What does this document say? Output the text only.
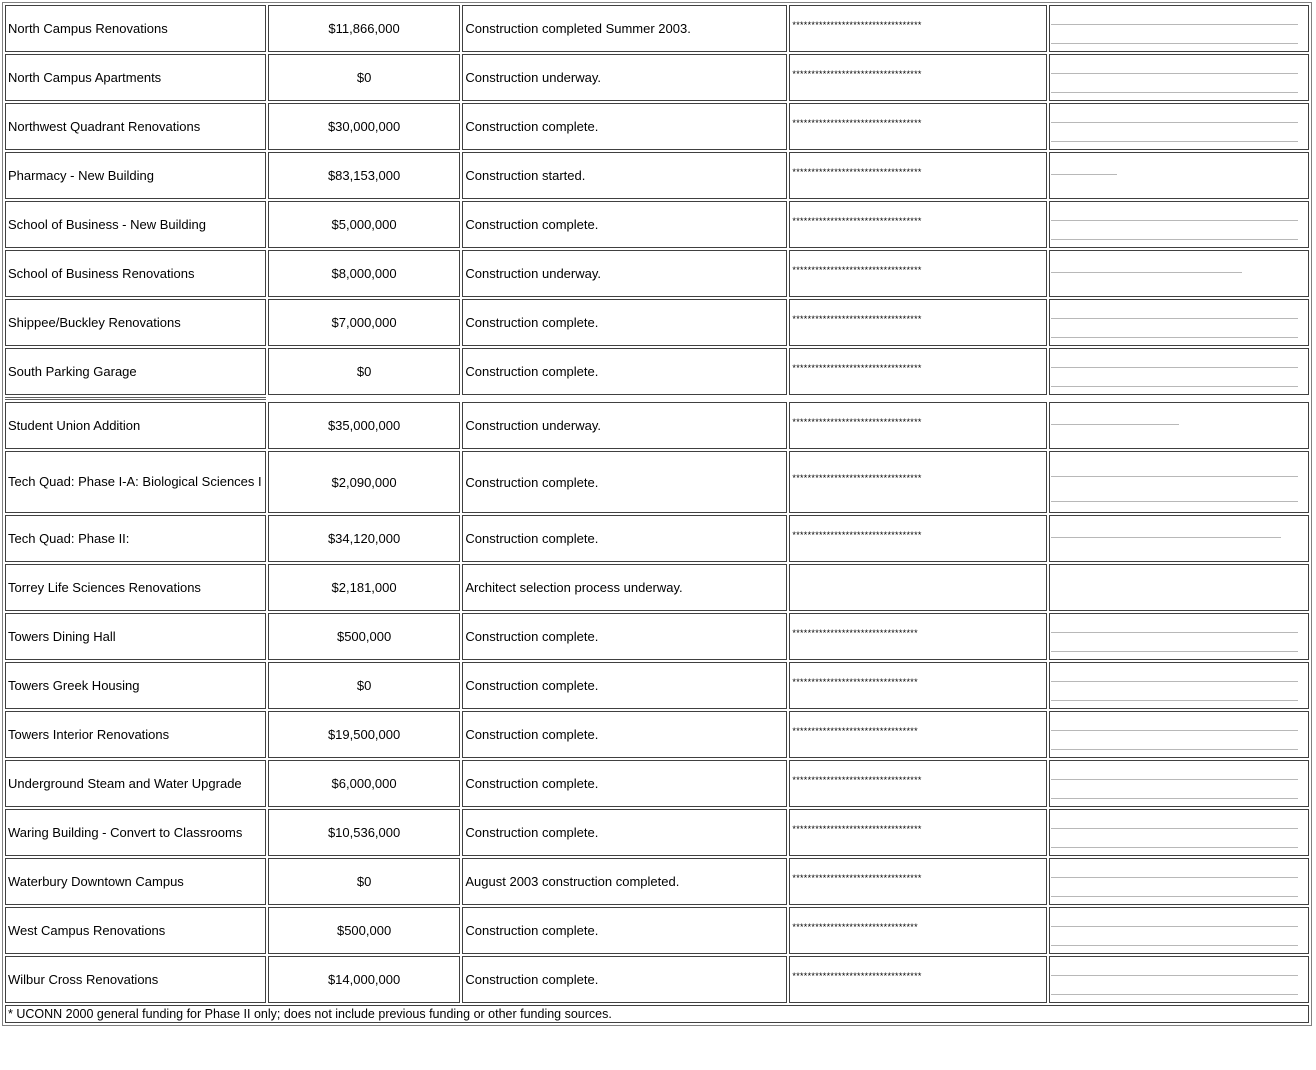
North Campus Renovations	$11,866,000	Construction completed Summer 2003.	**********************************	

North Campus Apartments	$0	Construction underway.	**********************************	

Northwest Quadrant Renovations	$30,000,000	Construction complete.	**********************************	

Pharmacy - New Building	$83,153,000	Construction started.	**********************************	

School of Business - New Building	$5,000,000	Construction complete.	**********************************	

School of Business Renovations	$8,000,000	Construction underway.	**********************************	

Shippee/Buckley Renovations	$7,000,000	Construction complete.	**********************************	

South Parking Garage	$0	Construction complete.	**********************************	

Student Union Addition	$35,000,000	Construction underway.	**********************************	

Tech Quad: Phase I-A: Biological Sciences I	$2,090,000	Construction complete.	**********************************	

Tech Quad: Phase II:	$34,120,000	Construction complete.	**********************************	

Torrey Life Sciences Renovations	$2,181,000	Architect selection process underway.		
Towers Dining Hall	$500,000	Construction complete.	*********************************	

Towers Greek Housing	$0	Construction complete.	*********************************	

Towers Interior Renovations	$19,500,000	Construction complete.	*********************************	

Underground Steam and Water Upgrade	$6,000,000	Construction complete.	**********************************	

Waring Building - Convert to Classrooms	$10,536,000	Construction complete.	**********************************	

Waterbury Downtown Campus	$0	August 2003 construction completed.	**********************************	

West Campus Renovations	$500,000	Construction complete.	*********************************	

Wilbur Cross Renovations	$14,000,000	Construction complete.	**********************************	

* UCONN 2000 general funding for Phase II only; does not include previous funding or other funding sources.				
